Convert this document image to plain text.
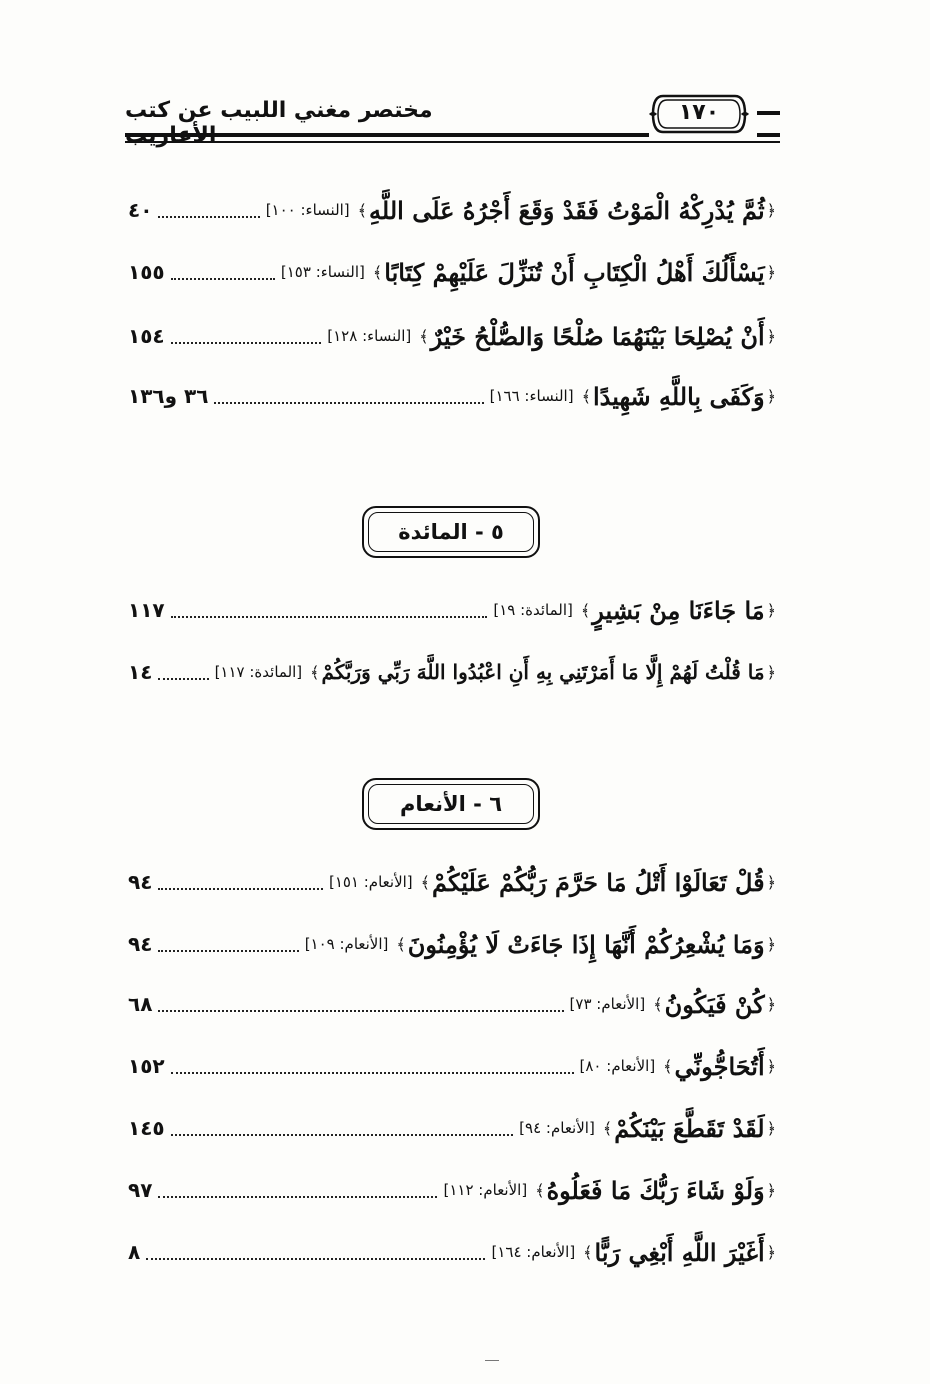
مختصر مغني اللبيب عن كتب	١٧٠
﴿
ثُمَّ يُدْرِكْهُ الْمَوْتُ فَقَدْ وَقَعَ أَجْرُهُ عَلَى اللَّهِ
﴾
[النساء: ١٠٠]
٤٠
﴿
يَسْأَلُكَ أَهْلُ الْكِتَابِ أَنْ تُنَزِّلَ عَلَيْهِمْ كِتَابًا
﴾
[النساء: ١٥٣]
١٥٥
﴿
أَنْ يُصْلِحَا بَيْنَهُمَا صُلْحًا وَالصُّلْحُ خَيْرٌ
﴾
[النساء: ١٢٨]
١٥٤
﴿
وَكَفَى بِاللَّهِ شَهِيدًا
﴾
[النساء: ١٦٦]
٣٦ و١٣٦
٥ - المائدة
﴿
مَا جَاءَنَا مِنْ بَشِيرٍ
﴾
[المائدة: ١٩]
١١٧
﴿
مَا قُلْتُ لَهُمْ إِلَّا مَا أَمَرْتَنِي بِهِ أَنِ اعْبُدُوا اللَّهَ رَبِّي وَرَبَّكُمْ
﴾
[المائدة: ١١٧]
١٤
٦ - الأنعام
﴿
قُلْ تَعَالَوْا أَتْلُ مَا حَرَّمَ رَبُّكُمْ عَلَيْكُمْ
﴾
[الأنعام: ١٥١]
٩٤
﴿
وَمَا يُشْعِرُكُمْ أَنَّهَا إِذَا جَاءَتْ لَا يُؤْمِنُونَ
﴾
[الأنعام: ١٠٩]
٩٤
﴿
كُنْ فَيَكُونُ
﴾
[الأنعام: ٧٣]
٦٨
﴿
أَتُحَاجُّونِّي
﴾
[الأنعام: ٨٠]
١٥٢
﴿
لَقَدْ تَقَطَّعَ بَيْنَكُمْ
﴾
[الأنعام: ٩٤]
١٤٥
﴿
وَلَوْ شَاءَ رَبُّكَ مَا فَعَلُوهُ
﴾
[الأنعام: ١١٢]
٩٧
﴿
أَغَيْرَ اللَّهِ أَبْغِي رَبًّا
﴾
[الأنعام: ١٦٤]
٨
